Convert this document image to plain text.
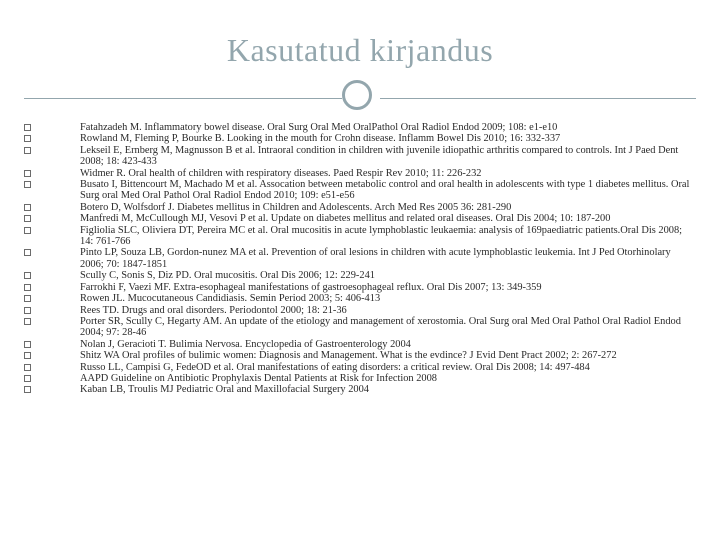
Kasutatud kirjandus
Fatahzadeh M. Inflammatory bowel disease. Oral Surg Oral Med OralPathol Oral Radiol Endod 2009; 108: e1-e10
Rowland M, Fleming P, Bourke B. Looking in the mouth for Crohn disease. Inflamm Bowel Dis 2010; 16: 332-337
Lekseil E, Ernberg M, Magnusson B et al. Intraoral condition in children with juvenile idiopathic arthritis compared to controls. Int J Paed Dent 2008; 18: 423-433
Widmer R. Oral health of children with respiratory diseases. Paed Respir Rev 2010; 11: 226-232
Busato I, Bittencourt M, Machado M et al. Assocation between metabolic control and oral health in adolescents with type 1 diabetes mellitus. Oral Surg oral Med Oral Pathol Oral Radiol Endod 2010; 109: e51-e56
Botero D, Wolfsdorf J. Diabetes mellitus in Children and Adolescents. Arch Med Res 2005 36: 281-290
Manfredi M, McCullough MJ, Vesovi P et al. Update on diabetes mellitus and related oral diseases. Oral Dis 2004; 10: 187-200
Figliolia SLC, Oliviera DT, Pereira MC et al. Oral mucositis in acute lymphoblastic leukaemia: analysis of 169paediatric patients.Oral Dis 2008; 14: 761-766
Pinto LP, Souza LB, Gordon-nunez MA et al. Prevention of oral lesions in children with acute lymphoblastic leukemia. Int J Ped Otorhinolary 2006; 70: 1847-1851
Scully C, Sonis S, Diz PD. Oral mucositis. Oral Dis 2006; 12: 229-241
Farrokhi F, Vaezi MF. Extra-esophageal manifestations of gastroesophageal reflux. Oral Dis 2007; 13: 349-359
Rowen JL. Mucocutaneous Candidiasis. Semin Period 2003; 5: 406-413
Rees TD. Drugs and oral disorders. Periodontol 2000; 18: 21-36
Porter SR, Scully C, Hegarty AM. An update of the etiology and management of xerostomia. Oral Surg oral Med Oral Pathol Oral Radiol Endod 2004; 97: 28-46
Nolan J, Geracioti T. Bulimia Nervosa. Encyclopedia of Gastroenterology 2004
Shitz WA Oral profiles of bulimic women: Diagnosis and Management. What is the evdince? J Evid Dent Pract 2002; 2: 267-272
Russo LL, Campisi G, FedeOD et al. Oral manifestations of eating disorders: a critical review. Oral Dis 2008; 14: 497-484
AAPD Guideline on Antibiotic Prophylaxis Dental Patients at Risk for Infection 2008
Kaban LB, Troulis MJ Pediatric Oral and Maxillofacial Surgery 2004
